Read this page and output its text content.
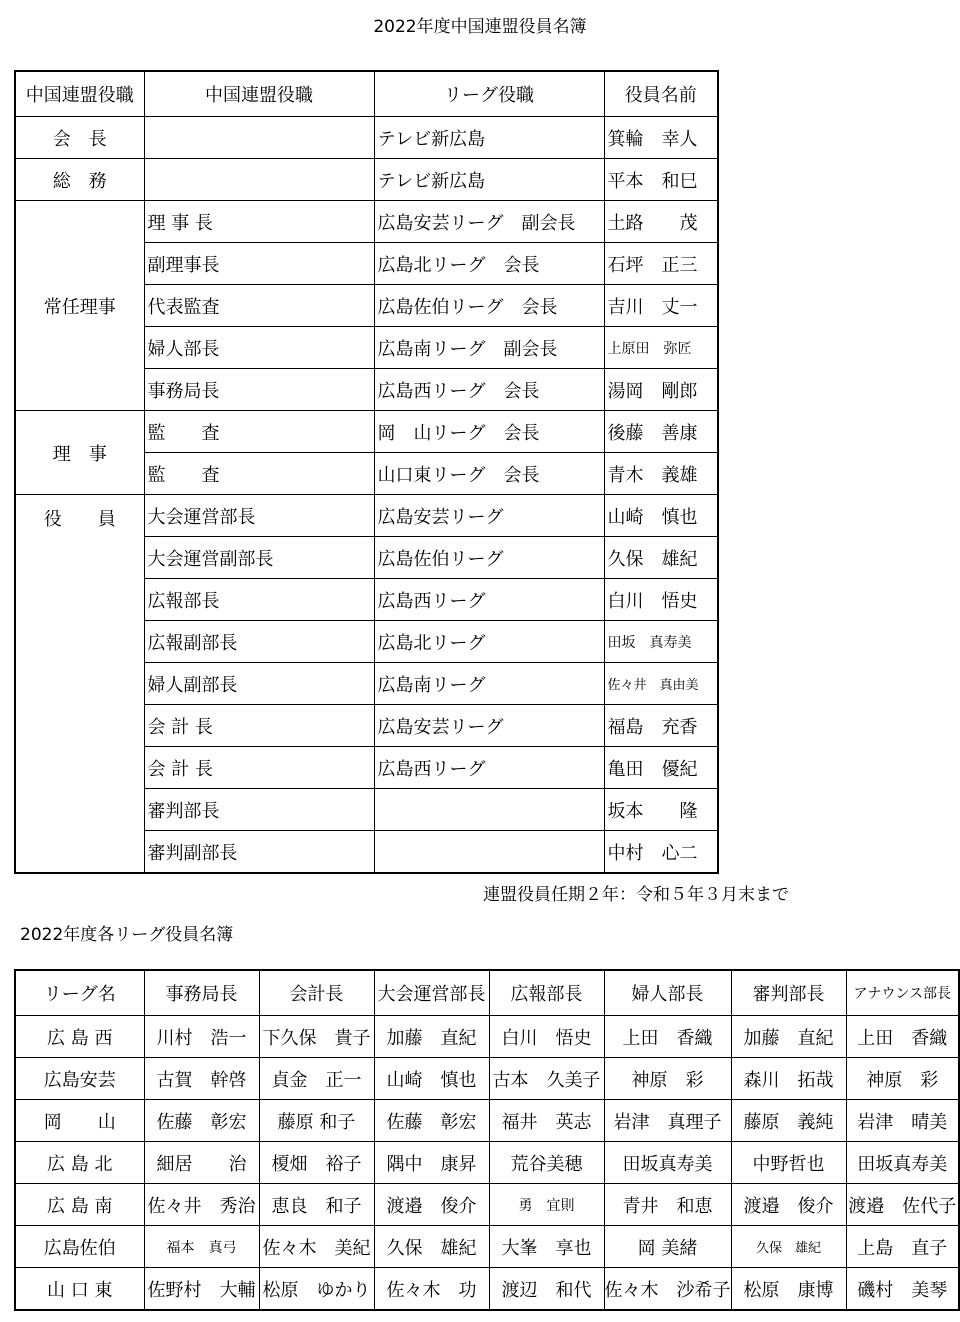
2022年度中国連盟役員名簿
中国連盟役職	中国連盟役職	リーグ役職	役員名前
会　長		テレビ新広島	箕輪　幸人
総　務		テレビ新広島	平本　和巳
常任理事	理 事 長	広島安芸リーグ　副会長	土路　　茂
	副理事長	広島北リーグ　会長	石坪　正三
	代表監査	広島佐伯リーグ　会長	吉川　丈一
	婦人部長	広島南リーグ　副会長	上原田　弥匠
	事務局長	広島西リーグ　会長	湯岡　剛郎
理　事	監　　査	岡　山リーグ　会長	後藤　善康
	監　　査	山口東リーグ　会長	青木　義雄
役　　員	大会運営部長	広島安芸リーグ	山崎　慎也
	大会運営副部長	広島佐伯リーグ	久保　雄紀
	広報部長	広島西リーグ	白川　悟史
	広報副部長	広島北リーグ	田坂　真寿美
	婦人副部長	広島南リーグ	佐々井　真由美
	会 計 長	広島安芸リーグ	福島　充香
	会 計 長	広島西リーグ	亀田　優紀
	審判部長		坂本　　隆
	審判副部長		中村　心二
連盟役員任期２年：令和５年３月末まで
2022年度各リーグ役員名簿
リーグ名	事務局長	会計長	大会運営部長	広報部長	婦人部長	審判部長	アナウンス部長
広 島 西	川村　浩一	下久保　貴子	加藤　直紀	白川　悟史	上田　香織	加藤　直紀	上田　香織
広島安芸	古賀　幹啓	貞金　正一	山崎　慎也	古本　久美子	神原　彩	森川　拓哉	神原　彩
岡　　山	佐藤　彰宏	藤原 和子	佐藤　彰宏	福井　英志	岩津　真理子	藤原　義純	岩津　晴美
広 島 北	細居　　治	榎畑　裕子	隅中　康昇	荒谷美穂	田坂真寿美	中野哲也	田坂真寿美
広 島 南	佐々井　秀治	恵良　和子	渡邉　俊介	勇　宜則	青井　和恵	渡邉　俊介	渡邉　佐代子
広島佐伯	福本　真弓	佐々木　美紀	久保　雄紀	大峯　享也	岡 美緒	久保　雄紀	上島　直子
山 口 東	佐野村　大輔	松原　ゆかり	佐々木　功	渡辺　和代	佐々木　沙希子	松原　康博	磯村　美琴
